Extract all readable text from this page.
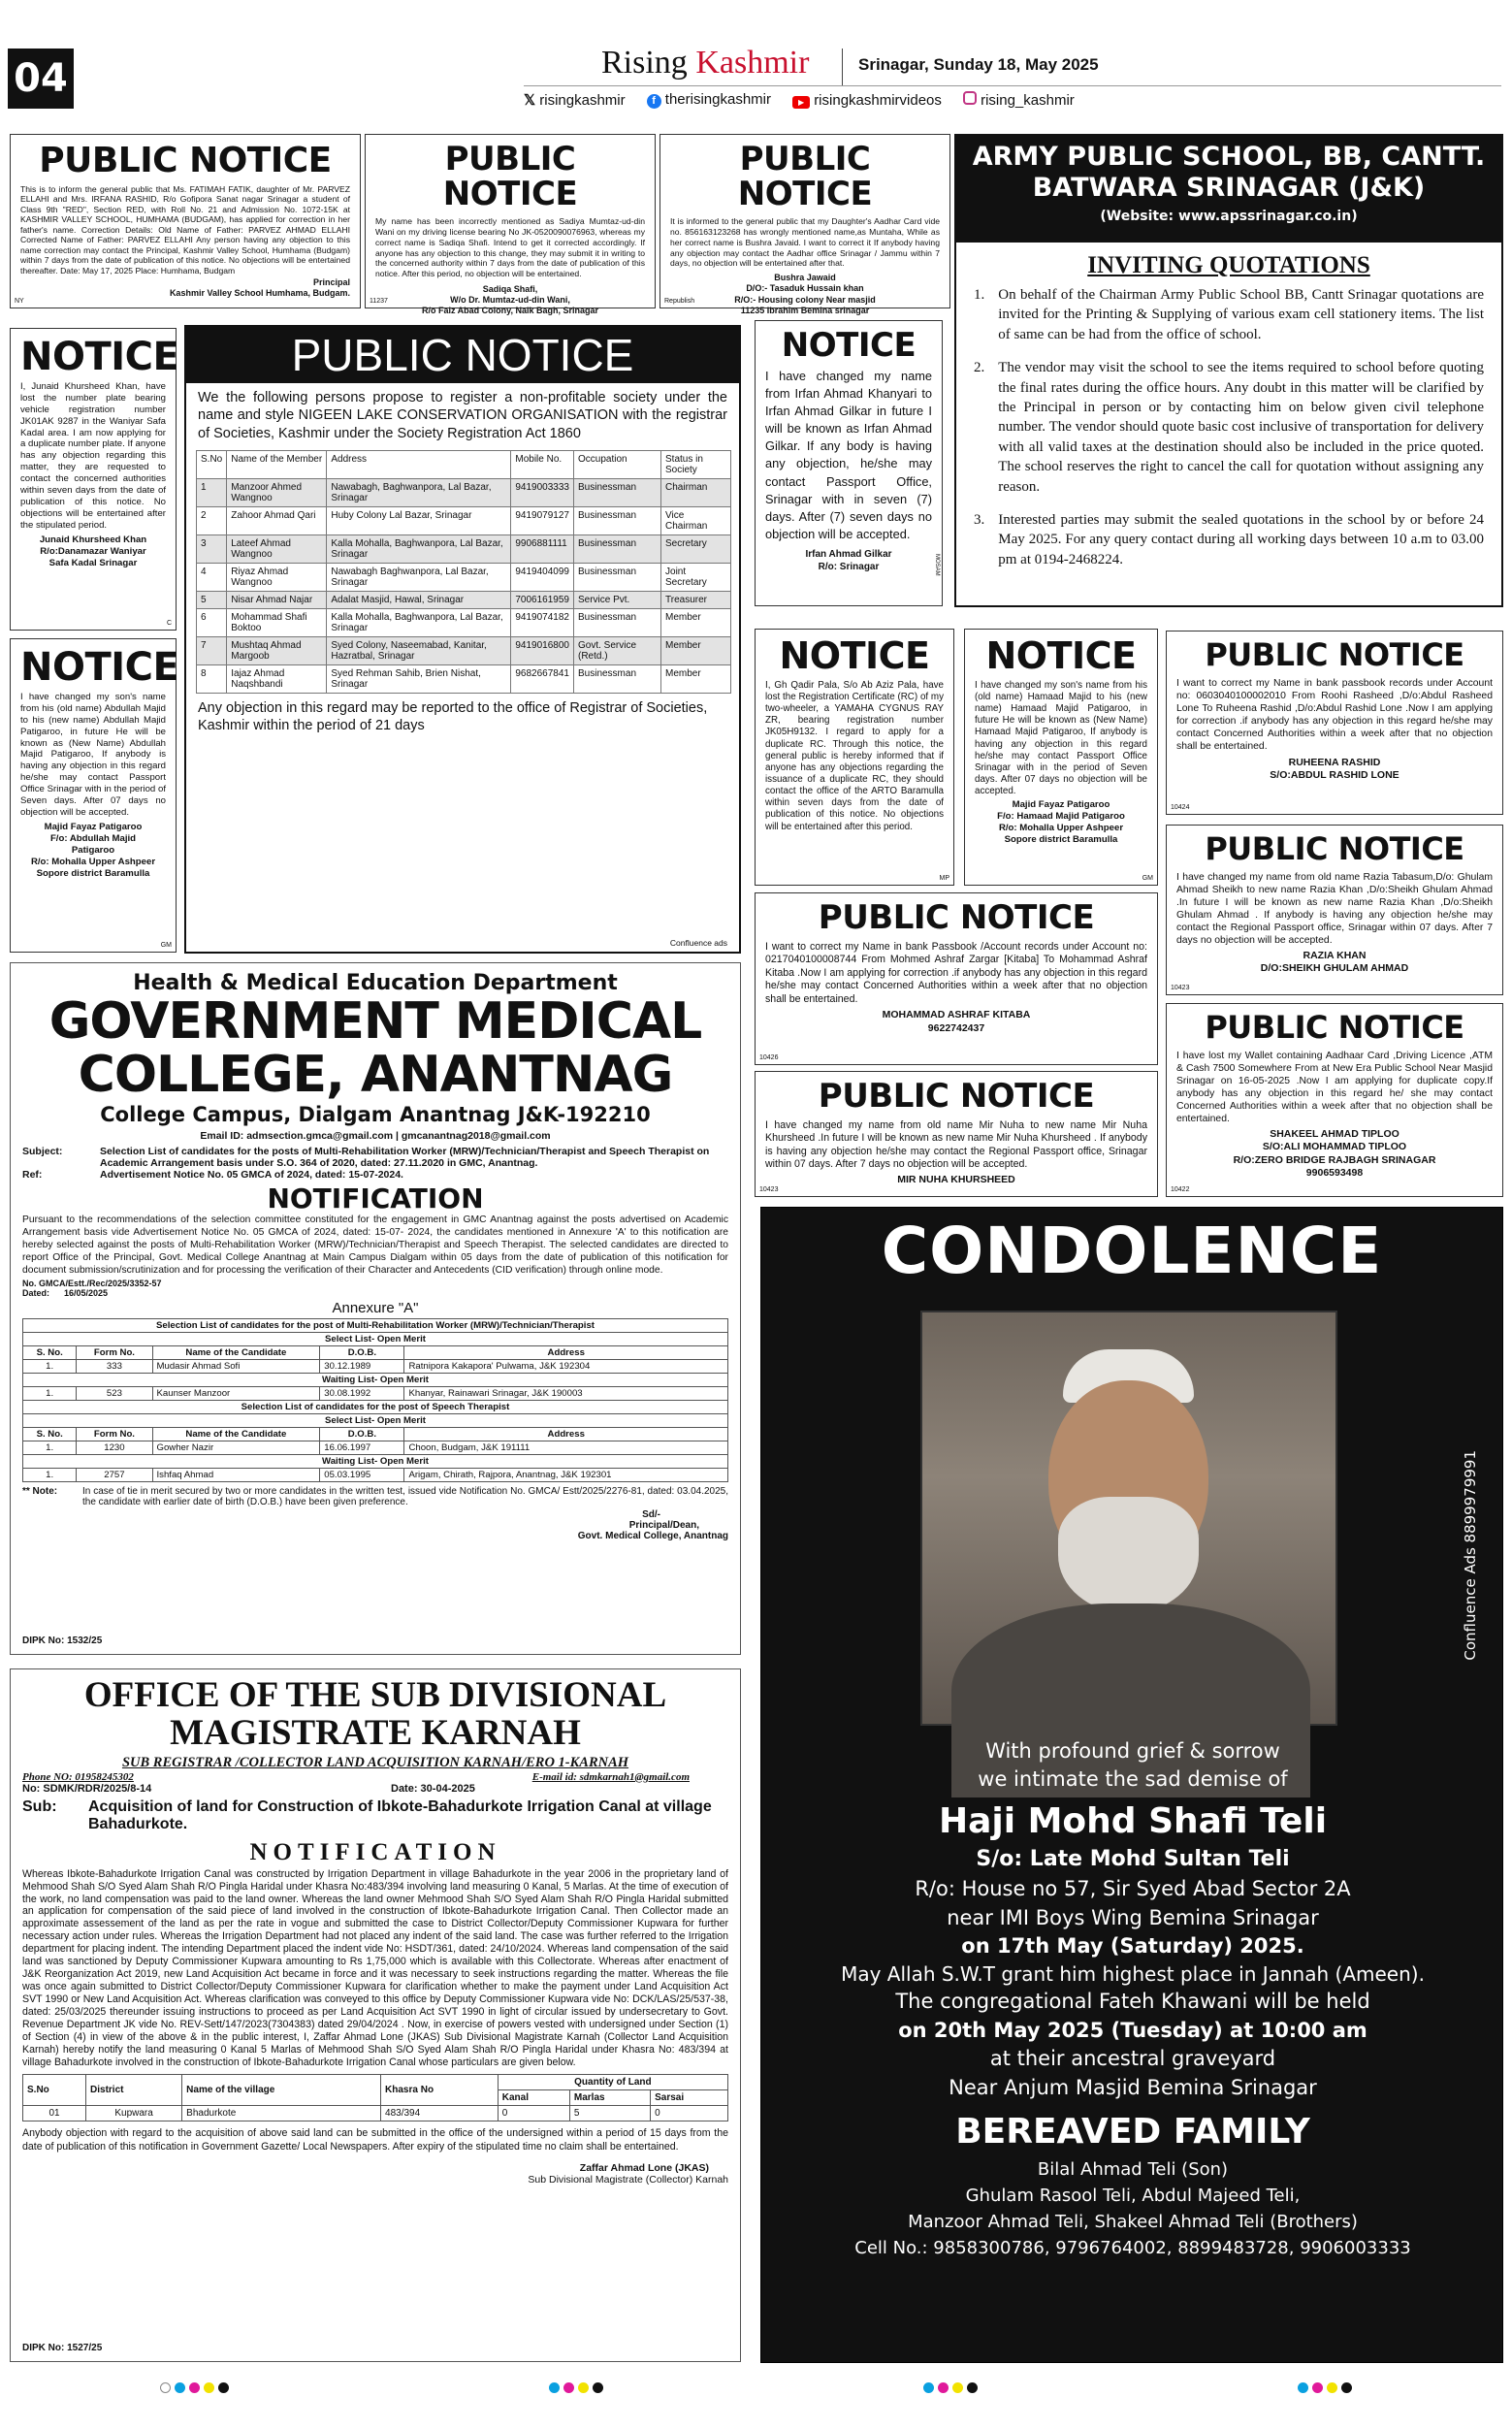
04	Rising Kashmir	Srinagar, Sunday 18, May 2025
𝕏 risingkashmir	f therisingkashmir	▶ risingkashmirvideos	rising_kashmir
PUBLIC NOTICE
This is to inform the general public that Ms. FATIMAH FATIK, daughter of Mr. PARVEZ ELLAHI and Mrs. IRFANA RASHID, R/o Gofipora Sanat nagar Srinagar a student of Class 9th "RED", Section RED, with Roll No. 21 and Admission No. 1072-15K at KASHMIR VALLEY SCHOOL, HUMHAMA (BUDGAM), has applied for correction in her father's name. Correction Details: Old Name of Father: PARVEZ AHMAD ELLAHI Corrected Name of Father: PARVEZ ELLAHI Any person having any objection to this name correction may contact the Principal, Kashmir Valley School, Humhama (Budgam) within 7 days from the date of publication of this notice. No objections will be entertained thereafter. Date: May 17, 2025 Place: Humhama, Budgam
Principal
Kashmir Valley School Humhama, Budgam.
NY
PUBLIC NOTICE
My name has been incorrectly mentioned as Sadiya Mumtaz-ud-din Wani on my driving license bearing No JK-0520090076963, whereas my correct name is Sadiqa Shafi. Intend to get it corrected accordingly. If anyone has any objection to this change, they may submit it in writing to the concerned authority within 7 days from the date of publication of this notice. After this period, no objection will be entertained.
Sadiqa Shafi,
W/o Dr. Mumtaz-ud-din Wani,
R/o Faiz Abad Colony, Naik Bagh, Srinagar
11237
PUBLIC NOTICE
It is informed to the general public that my Daughter's Aadhar Card vide no. 856163123268 has wrongly mentioned name,as Muntaha, While as her correct name is Bushra Javaid. I want to correct it If anybody having any objection may contact the Aadhar office Srinagar / Jammu within 7 days, no objection will be entertained after that.
Bushra Jawaid
D/O:- Tasaduk Hussain khan
R/O:- Housing colony Near masjid
11235 Ibrahim Bemina srinagar
Republish
ARMY PUBLIC SCHOOL, BB, CANTT.
BATWARA SRINAGAR (J&K)
(Website: www.apssrinagar.co.in)
INVITING QUOTATIONS
1. On behalf of the Chairman Army Public School BB, Cantt Srinagar quotations are invited for the Printing & Supplying of various exam cell stationery items. The list of same can be had from the office of school.
2. The vendor may visit the school to see the items required to school before quoting the final rates during the office hours. Any doubt in this matter will be clarified by the Principal in person or by contacting him on below given civil telephone number. The vendor should quote basic cost inclusive of transportation for delivery with all valid taxes at the destination should also be included in the price quoted. The school reserves the right to cancel the call for quotation without assigning any reason.
3. Interested parties may submit the sealed quotations in the school by or before 24 May 2025. For any query contact during all working days between 10 a.m to 03.00 pm at 0194-2468224.
NOTICE
I, Junaid Khursheed Khan, have lost the number plate bearing vehicle registration number JK01AK 9287 in the Waniyar Safa Kadal area. I am now applying for a duplicate number plate. If anyone has any objection regarding this matter, they are requested to contact the concerned authorities within seven days from the date of publication of this notice. No objections will be entertained after the stipulated period.
Junaid Khursheed Khan
R/o:Danamazar Waniyar
Safa Kadal Srinagar
C
NOTICE
I have changed my son's name from his (old name) Abdullah Majid to his (new name) Abdullah Majid Patigaroo, in future He will be known as (New Name) Abdullah Majid Patigaroo, If anybody is having any objection in this regard he/she may contact Passport Office Srinagar with in the period of Seven days. After 07 days no objection will be accepted.
Majid Fayaz Patigaroo
F/o: Abdullah Majid
Patigaroo
R/o: Mohalla Upper Ashpeer
Sopore district Baramulla
GM
PUBLIC NOTICE
We the following persons propose to register a non-profitable society under the name and style NIGEEN LAKE CONSERVATION ORGANISATION with the registrar of Societies, Kashmir under the Society Registration Act 1860
S.No	Name of the Member	Address	Mobile No.	Occupation	Status in Society
1	Manzoor Ahmed Wangnoo	Nawabagh, Baghwanpora, Lal Bazar, Srinagar	9419003333	Businessman	Chairman
2	Zahoor Ahmad Qari	Huby Colony Lal Bazar, Srinagar	9419079127	Businessman	Vice Chairman
3	Lateef Ahmad Wangnoo	Kalla Mohalla, Baghwanpora, Lal Bazar, Srinagar	9906881111	Businessman	Secretary
4	Riyaz Ahmad Wangnoo	Nawabagh Baghwanpora, Lal Bazar, Srinagar	9419404099	Businessman	Joint Secretary
5	Nisar Ahmad Najar	Adalat Masjid, Hawal, Srinagar	7006161959	Service Pvt.	Treasurer
6	Mohammad Shafi Boktoo	Kalla Mohalla, Baghwanpora, Lal Bazar, Srinagar	9419074182	Businessman	Member
7	Mushtaq Ahmad Margoob	Syed Colony, Naseemabad, Kanitar, Hazratbal, Srinagar	9419016800	Govt. Service (Retd.)	Member
8	Iajaz Ahmad Naqshbandi	Syed Rehman Sahib, Brien Nishat, Srinagar	9682667841	Businessman	Member
Any objection in this regard may be reported to the office of Registrar of Societies, Kashmir within the period of 21 days
Confluence ads
NOTICE
I have changed my name from Irfan Ahmad Khanyari to Irfan Ahmad Gilkar in future I will be known as Irfan Ahmad Gilkar. If any body is having any objection, he/she may contact Passport Office, Srinagar with in seven (7) days. After (7) seven days no objection will be accepted.
Irfan Ahmad Gilkar
R/o: Srinagar	MOSAM
NOTICE
I, Gh Qadir Pala, S/o Ab Aziz Pala, have lost the Registration Certificate (RC) of my two-wheeler, a YAMAHA CYGNUS RAY ZR, bearing registration number JK05H9132. I regard to apply for a duplicate RC. Through this notice, the general public is hereby informed that if anyone has any objections regarding the issuance of a duplicate RC, they should contact the office of the ARTO Baramulla within seven days from the date of publication of this notice. No objections will be entertained after this period.
MP
NOTICE
I have changed my son's name from his (old name) Hamaad Majid to his (new name) Hamaad Majid Patigaroo, in future He will be known as (New Name) Hamaad Majid Patigaroo, If anybody is having any objection in this regard he/she may contact Passport Office Srinagar with in the period of Seven days. After 07 days no objection will be accepted.
Majid Fayaz Patigaroo
F/o: Hamaad Majid Patigaroo
R/o: Mohalla Upper Ashpeer
Sopore district Baramulla
GM
PUBLIC NOTICE
I want to correct my Name in bank passbook records under Account no: 0603040100002010 From Roohi Rasheed ,D/o:Abdul Rasheed Lone To Ruheena Rashid ,D/o:Abdul Rashid Lone .Now I am applying for correction .if anybody has any objection in this regard he/she may contact Concerned Authorities within a week after that no objection shall be entertained.
RUHEENA RASHID
S/O:ABDUL RASHID LONE
10424
PUBLIC NOTICE
I have changed my name from old name Razia Tabasum,D/o: Ghulam Ahmad Sheikh to new name Razia Khan ,D/o:Sheikh Ghulam Ahmad .In future I will be known as new name Razia Khan ,D/o:Sheikh Ghulam Ahmad . If anybody is having any objection he/she may contact the Regional Passport office, Srinagar within 07 days. After 7 days no objection will be accepted.
RAZIA KHAN
D/O:SHEIKH GHULAM AHMAD
10423
PUBLIC NOTICE
I want to correct my Name in bank Passbook /Account records under Account no: 0217040100008744 From Mohmed Ashraf Zargar [Kitaba] To Mohammad Ashraf Kitaba .Now I am applying for correction .if anybody has any objection in this regard he/she may contact Concerned Authorities within a week after that no objection shall be entertained.
MOHAMMAD ASHRAF KITABA
9622742437
10426
PUBLIC NOTICE
I have lost my Wallet containing Aadhaar Card ,Driving Licence ,ATM & Cash 7500 Somewhere From at New Era Public School Near Masjid Srinagar on 16-05-2025 .Now I am applying for duplicate copy.If anybody has any objection in this regard he/ she may contact Concerned Authorities within a week after that no objection shall be entertained.
SHAKEEL AHMAD TIPLOO
S/O:ALI MOHAMMAD TIPLOO
R/O:ZERO BRIDGE RAJBAGH SRINAGAR
9906593498
10422
PUBLIC NOTICE
I have changed my name from old name Mir Nuha to new name Mir Nuha Khursheed .In future I will be known as new name Mir Nuha Khursheed . If anybody is having any objection he/she may contact the Regional Passport office, Srinagar within 07 days. After 7 days no objection will be accepted.
MIR NUHA KHURSHEED
10423
Health & Medical Education Department
GOVERNMENT MEDICAL
COLLEGE, ANANTNAG
College Campus, Dialgam Anantnag J&K-192210
Email ID: admsection.gmca@gmail.com | gmcanantnag2018@gmail.com
Subject:	Selection List of candidates for the posts of Multi-Rehabilitation Worker (MRW)/Technician/Therapist and Speech Therapist on Academic Arrangement basis under S.O. 364 of 2020, dated: 27.11.2020 in GMC, Anantnag.
Ref:	Advertisement Notice No. 05 GMCA of 2024, dated: 15-07-2024.
NOTIFICATION
Pursuant to the recommendations of the selection committee constituted for the engagement in GMC Anantnag against the posts advertised on Academic Arrangement basis vide Advertisement Notice No. 05 GMCA of 2024, dated: 15-07- 2024, the candidates mentioned in Annexure 'A' to this notification are hereby selected against the posts of Multi-Rehabilitation Worker (MRW)/Technician/Therapist and Speech Therapist. The selected candidates are directed to report Office of the Principal, Govt. Medical College Anantnag at Main Campus Dialgam within 05 days from the date of publication of this notification for document submission/scrutinization and for processing the verification of their Character and Antecedents (CID verification) through online mode.
No. GMCA/Estt./Rec/2025/3352-57
Dated:      16/05/2025
Annexure "A"
Selection List of candidates for the post of Multi-Rehabilitation Worker (MRW)/Technician/Therapist				
Select List- Open Merit				
S. No.	Form No.	Name of the Candidate	D.O.B.	Address
1.	333	Mudasir Ahmad Sofi	30.12.1989	Ratnipora Kakapora' Pulwama, J&K 192304
Waiting List- Open Merit				
1.	523	Kaunser Manzoor	30.08.1992	Khanyar, Rainawari Srinagar, J&K 190003
Selection List of candidates for the post of Speech Therapist				
Select List- Open Merit				
S. No.	Form No.	Name of the Candidate	D.O.B.	Address
1.	1230	Gowher Nazir	16.06.1997	Choon, Budgam, J&K 191111
Waiting List- Open Merit				
1.	2757	Ishfaq Ahmad	05.03.1995	Arigam, Chirath, Rajpora, Anantnag, J&K 192301
** Note:	In case of tie in merit secured by two or more candidates in the written test, issued vide Notification No. GMCA/ Estt/2025/2276-81, dated: 03.04.2025, the candidate with earlier date of birth (D.O.B.) have been given preference.
Sd/-
Principal/Dean,
Govt. Medical College, Anantnag
DIPK No: 1532/25
OFFICE OF THE SUB DIVISIONAL
MAGISTRATE KARNAH
SUB REGISTRAR /COLLECTOR LAND ACQUISITION KARNAH/ERO 1-KARNAH
Phone NO: 01958245302	E-mail id: sdmkarnah1@gmail.com
No: SDMK/RDR/2025/8-14	Date: 30-04-2025
Sub:	Acquisition of land for Construction of Ibkote-Bahadurkote Irrigation Canal at village Bahadurkote.
NOTIFICATION
Whereas Ibkote-Bahadurkote Irrigation Canal was constructed by Irrigation Department in village Bahadurkote in the year 2006 in the proprietary land of Mehmood Shah S/O Syed Alam Shah R/O Pingla Haridal under Khasra No:483/394 involving land measuring 0 Kanal, 5 Marlas. At the time of execution of the work, no land compensation was paid to the land owner. Whereas the land owner Mehmood Shah S/O Syed Alam Shah R/O Pingla Haridal submitted an application for compensation of the said piece of land involved in the construction of Ibkote-Bahadurkote Irrigation Canal. Then Collector made an approximate assessement of the land as per the rate in vogue and submitted the case to District Collector/Deputy Commissioner Kupwara for further necessary action under rules. Whereas the Irrigation Department had not placed any indent of the said land. The case was further referred to the Irrigation department for placing indent. The intending Department placed the indent vide No: HSDT/361, dated: 24/10/2024. Whereas land compensation of the said land was sanctioned by Deputy Commissioner Kupwara amounting to Rs 1,75,000 which is available with this Collectorate. Whereas after enactment of J&K Reorganization Act 2019, new Land Acquisition Act became in force and it was necessary to seek instructions regarding the matter. Whereas the file was once again submitted to District Collector/Deputy Commissioner Kupwara for clarification whether to make the payment under Land Acquisition Act SVT 1990 or New Land Acquisition Act. Whereas clarification was conveyed to this office by Deputy Commissioner Kupwara vide No: DCK/LAS/25/537-38, dated: 25/03/2025 thereunder issuing instructions to proceed as per Land Acquisition Act SVT 1990 in light of circular issued by undersecretary to Govt. Revenue Department JK vide No. REV-Sett/147/2023(7304383) dated 29/04/2024 . Now, in exercise of powers vested with undersigned under Section (1) of Section (4) in view of the above & in the public interest, I, Zaffar Ahmad Lone (JKAS) Sub Divisional Magistrate Karnah (Collector Land Acquisition Karnah) hereby notify the land measuring 0 Kanal 5 Marlas of Mehmood Shah S/O Syed Alam Shah R/O Pingla Haridal under Khasra No: 483/394 at village Bahadurkote involved in the construction of Ibkote-Bahadurkote Irrigation Canal whose particulars are given below.
S.No	District	Name of the village	Khasra No	Quantity of Land		
				Kanal	Marlas	Sarsai
01	Kupwara	Bhadurkote	483/394	0	5	0
Anybody objection with regard to the acquisition of above said land can be submitted in the office of the undersigned within a period of 15 days from the date of publication of this notification in Government Gazette/ Local Newspapers. After expiry of the stipulated time no claim shall be entertained.
Zaffar Ahmad Lone (JKAS)
Sub Divisional Magistrate (Collector) Karnah
DIPK No: 1527/25
CONDOLENCE
Confluence Ads 8899979991
With profound grief & sorrow
we intimate the sad demise of
Haji Mohd Shafi Teli
S/o: Late Mohd Sultan Teli
R/o: House no 57, Sir Syed Abad Sector 2A
near IMI Boys Wing Bemina Srinagar
on 17th May (Saturday) 2025.
May Allah S.W.T grant him highest place in Jannah (Ameen).
The congregational Fateh Khawani will be held
on 20th May 2025 (Tuesday) at 10:00 am
at their ancestral graveyard
Near Anjum Masjid Bemina Srinagar
BEREAVED FAMILY
Bilal Ahmad Teli (Son)
Ghulam Rasool Teli, Abdul Majeed Teli,
Manzoor Ahmad Teli, Shakeel Ahmad Teli (Brothers)
Cell No.: 9858300786, 9796764002, 8899483728, 9906003333
